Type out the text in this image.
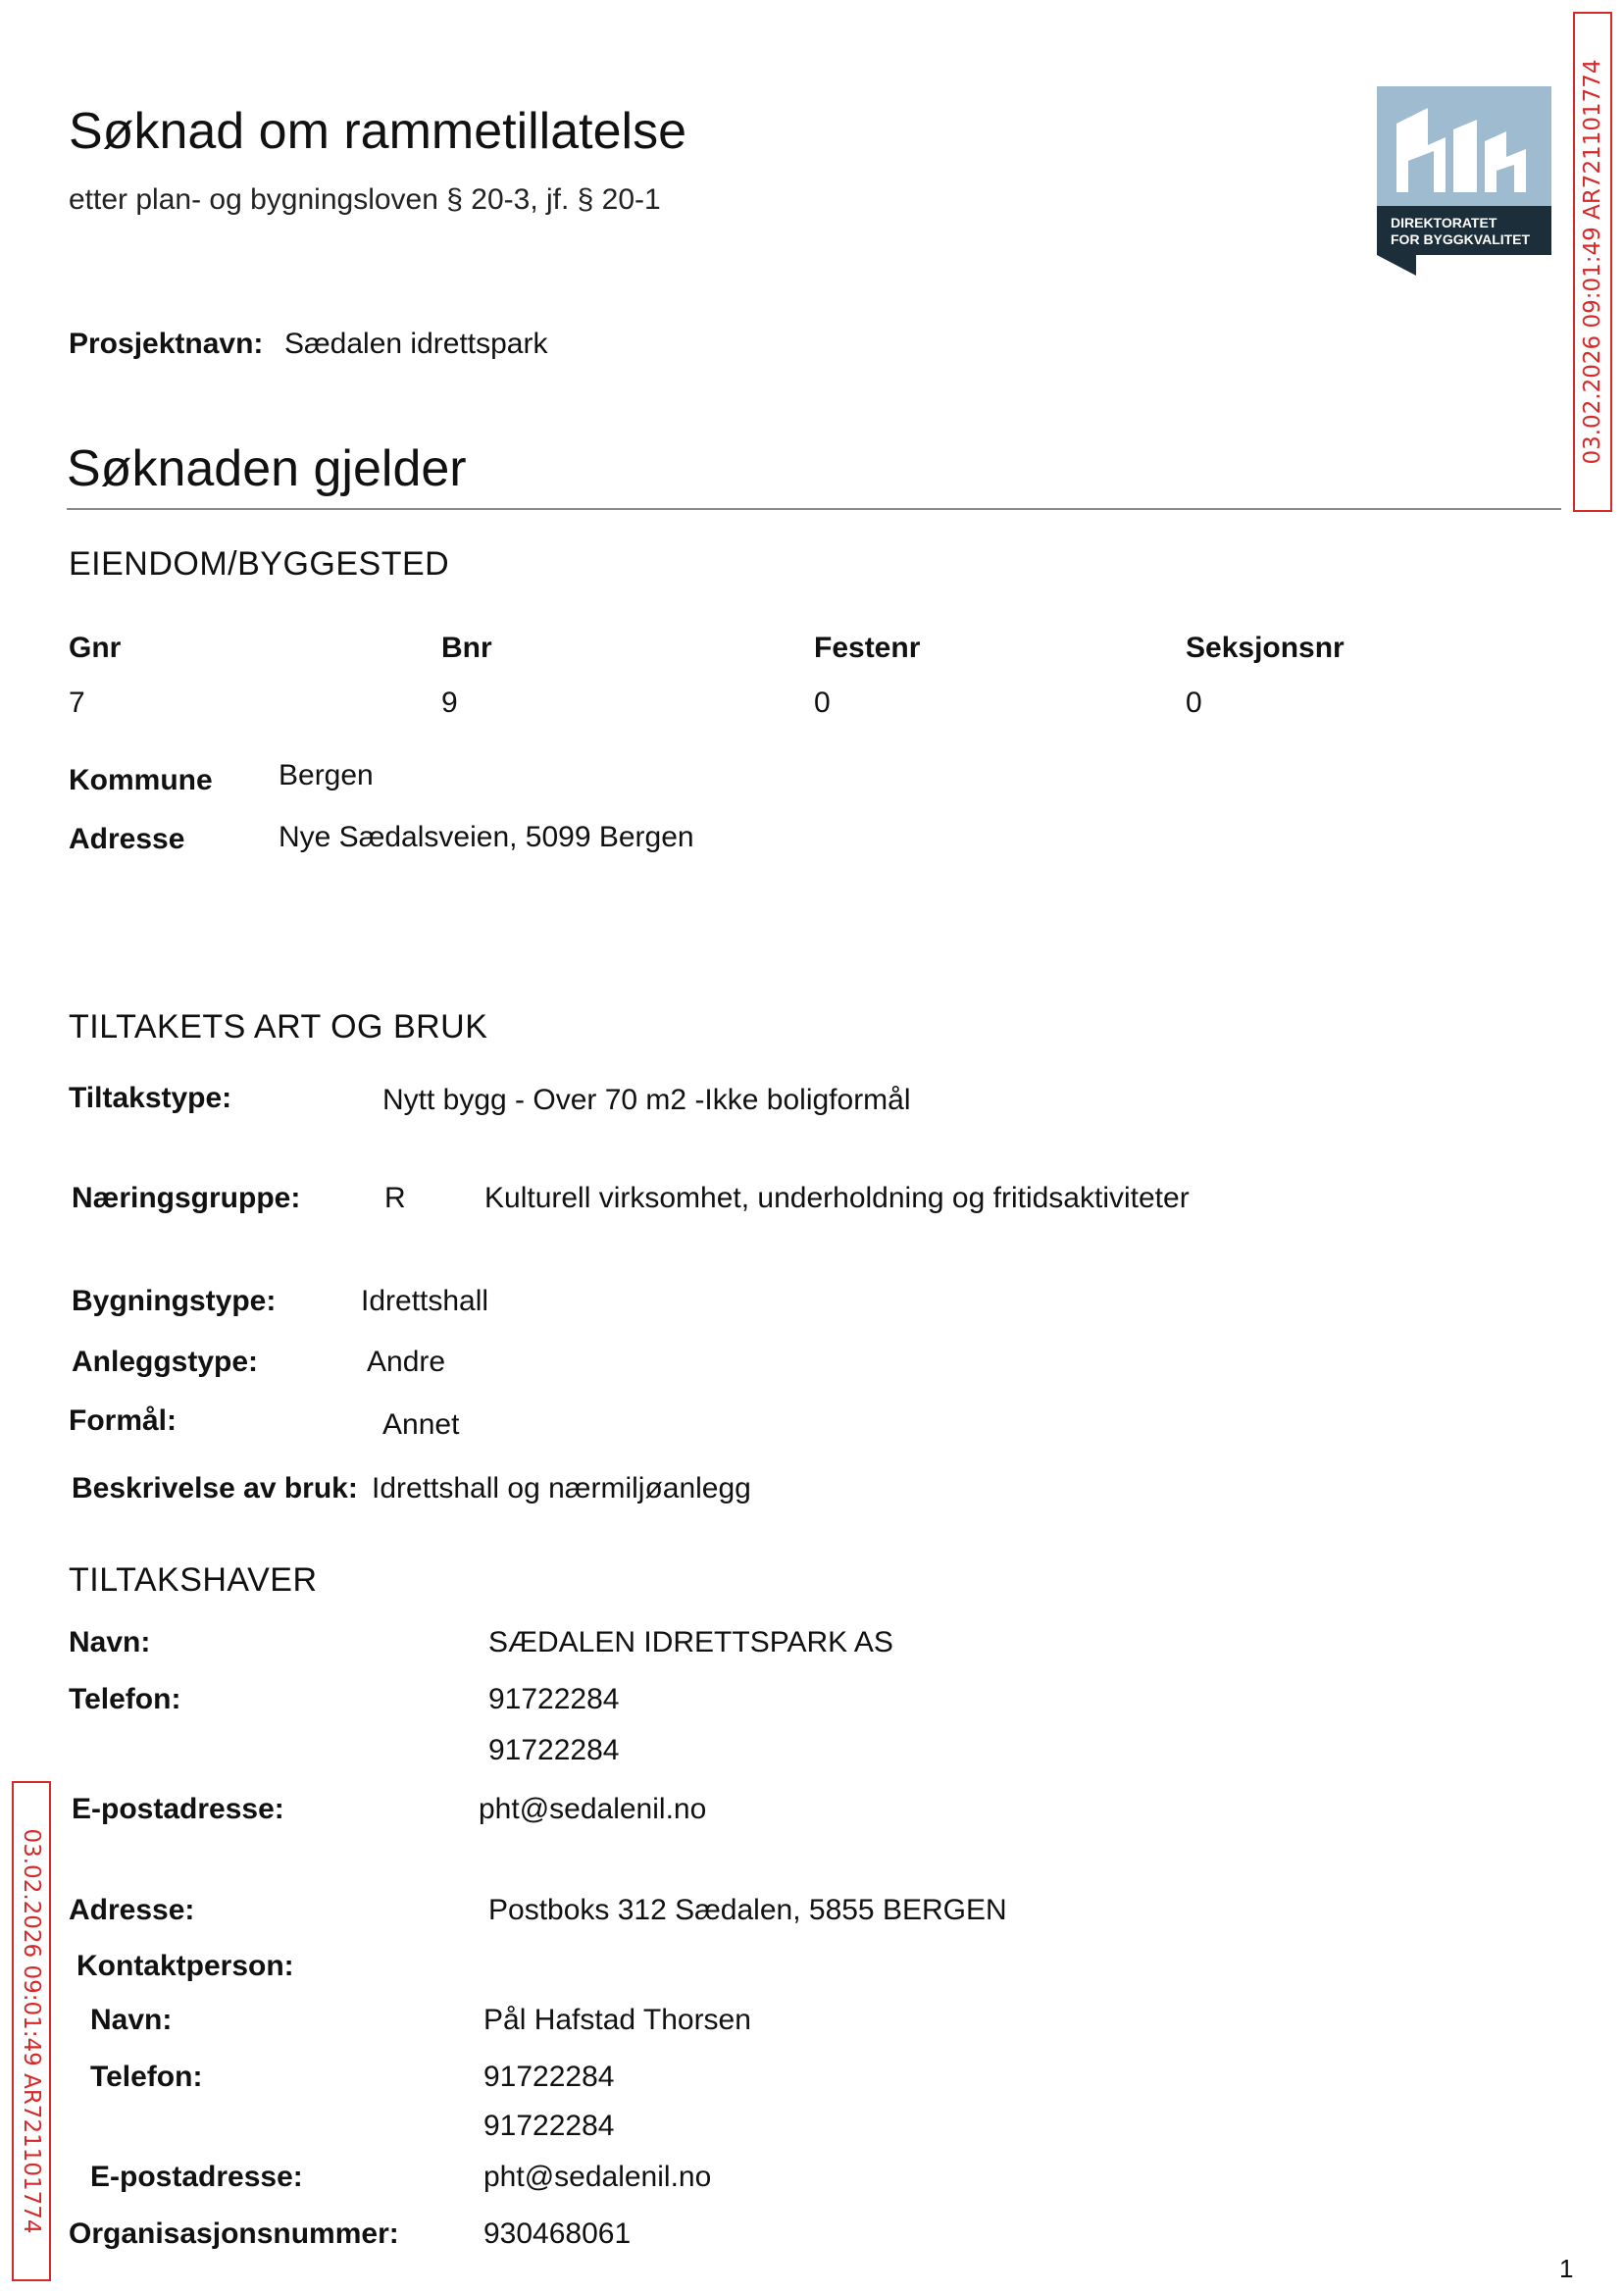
Søknad om rammetillatelse
etter plan- og bygningsloven § 20-3, jf. § 20-1
DIREKTORATET
FOR BYGGKVALITET 03.02.2026 09:01:49 AR721101774
03.02.2026 09:01:49 AR721101774
Prosjektnavn: Sædalen idrettspark
Søknaden gjelder
EIENDOM/BYGGESTED
Gnr	Bnr	Festenr	Seksjonsnr
7	9	0	0
Kommune Bergen
Adresse	Nye Sædalsveien, 5099 Bergen
TILTAKETS ART OG BRUK
Tiltakstype:	Nytt bygg - Over 70 m2 -Ikke boligformål
Næringsgruppe:	R	Kulturell virksomhet, underholdning og fritidsaktiviteter
Bygningstype:	Idrettshall
Anleggstype:	Andre
Formål:	Annet
Beskrivelse av bruk: Idrettshall og nærmiljøanlegg
TILTAKSHAVER
Navn:	SÆDALEN IDRETTSPARK AS
Telefon:	91722284
91722284
E-postadresse:	pht@sedalenil.no
Adresse:	Postboks 312 Sædalen, 5855 BERGEN
Kontaktperson:
Navn:	Pål Hafstad Thorsen
Telefon:	91722284
91722284
E-postadresse:	pht@sedalenil.no
Organisasjonsnummer:	930468061
1
